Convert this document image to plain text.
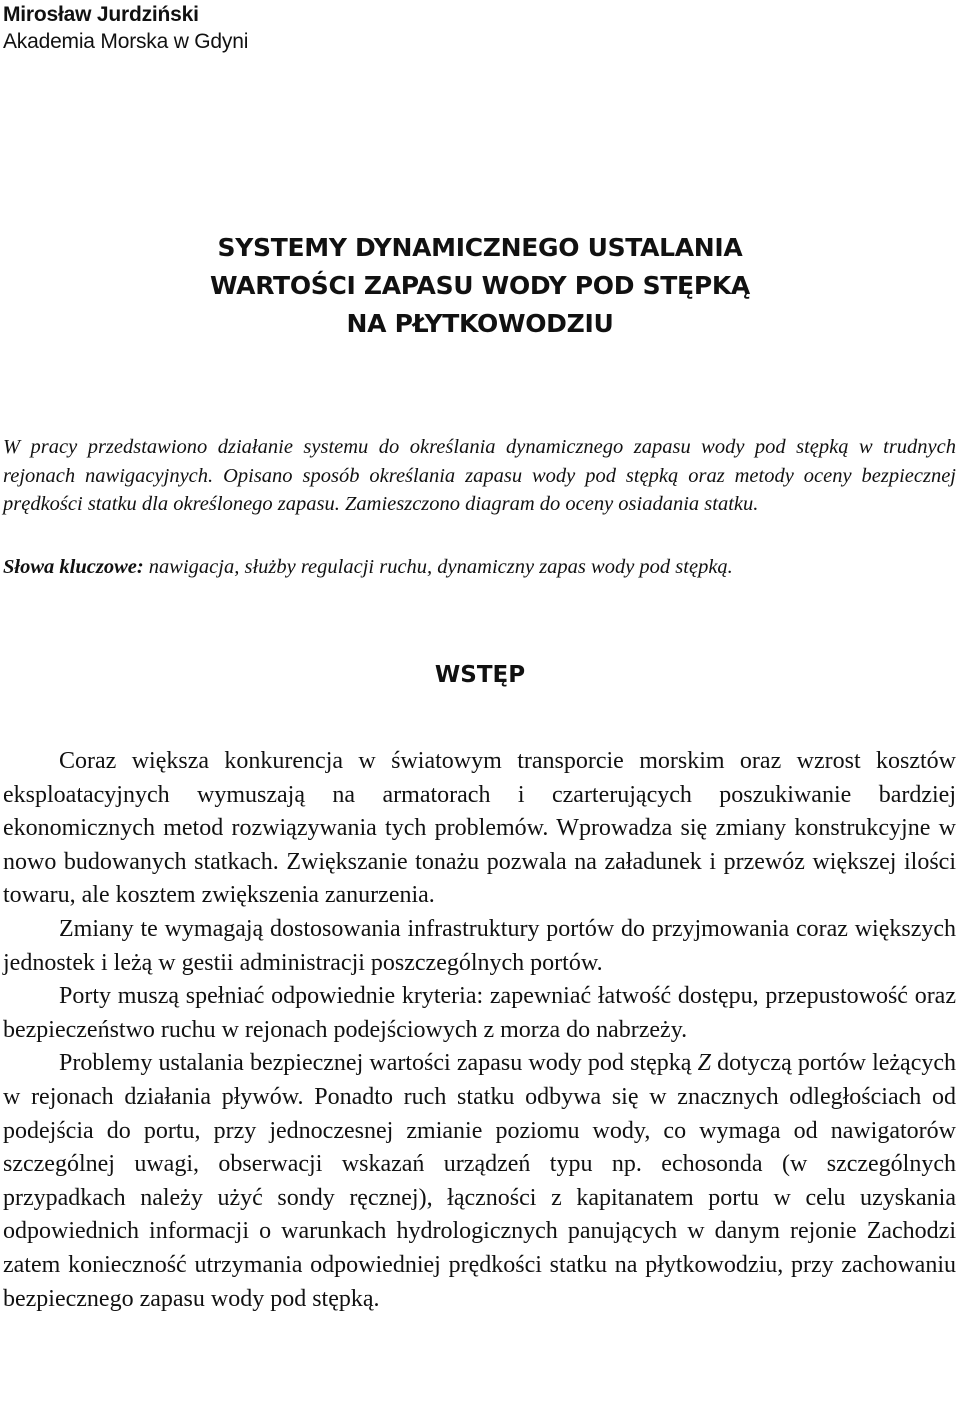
Mirosław Jurdziński
Akademia Morska w Gdyni
SYSTEMY DYNAMICZNEGO USTALANIA
WARTOŚCI ZAPASU WODY POD STĘPKĄ
NA PŁYTKOWODZIU

W pracy przedstawiono działanie systemu do określania dynamicznego zapasu wody pod stępką w trudnych rejonach nawigacyjnych. Opisano sposób określania zapasu wody pod stępką oraz metody oceny bezpiecznej prędkości statku dla określonego zapasu. Zamieszczono diagram do oceny osiadania statku.

Słowa kluczowe: nawigacja, służby regulacji ruchu, dynamiczny zapas wody pod stępką.
WSTĘP

Coraz większa konkurencja w światowym transporcie morskim oraz wzrost kosztów eksploatacyjnych wymuszają na armatorach i czarterujących poszukiwanie bardziej ekonomicznych metod rozwiązywania tych problemów. Wprowadza się zmiany konstrukcyjne w nowo budowanych statkach. Zwiększanie tonażu pozwala na załadunek i przewóz większej ilości towaru, ale kosztem zwiększenia zanurzenia.

Zmiany te wymagają dostosowania infrastruktury portów do przyjmowania coraz większych jednostek i leżą w gestii administracji poszczególnych portów.

Porty muszą spełniać odpowiednie kryteria: zapewniać łatwość dostępu, przepustowość oraz bezpieczeństwo ruchu w rejonach podejściowych z morza do nabrzeży.

Problemy ustalania bezpiecznej wartości zapasu wody pod stępką Z dotyczą portów leżących w rejonach działania pływów. Ponadto ruch statku odbywa się w znacznych odległościach od podejścia do portu, przy jednoczesnej zmianie poziomu wody, co wymaga od nawigatorów szczególnej uwagi, obserwacji wskazań urządzeń typu np. echosonda (w szczególnych przypadkach należy użyć sondy ręcznej), łączności z kapitanatem portu w celu uzyskania odpowiednich informacji o warunkach hydrologicznych panujących w danym rejonie Zachodzi zatem konieczność utrzymania odpowiedniej prędkości statku na płytkowodziu, przy zachowaniu bezpiecznego zapasu wody pod stępką.
